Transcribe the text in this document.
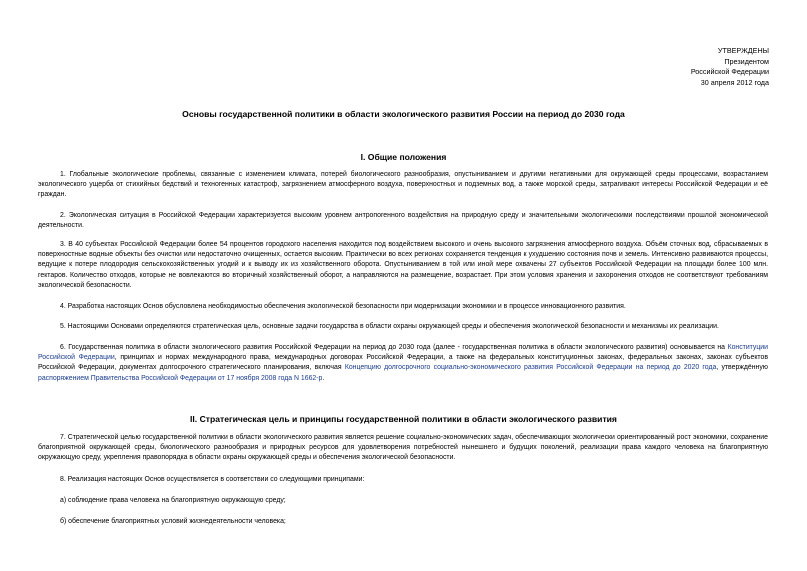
УТВЕРЖДЕНЫ
Президентом
Российской Федерации
30 апреля 2012 года
Основы государственной политики в области экологического развития России на период до 2030 года
I. Общие положения
1. Глобальные экологические проблемы, связанные с изменением климата, потерей биологического разнообразия, опустыниванием и другими негативными для окружающей среды процессами, возрастанием экологического ущерба от стихийных бедствий и техногенных катастроф, загрязнением атмосферного воздуха, поверхностных и подземных вод, а также морской среды, затрагивают интересы Российской Федерации и её граждан.
2. Экологическая ситуация в Российской Федерации характеризуется высоким уровнем антропогенного воздействия на природную среду и значительными экологическими последствиями прошлой экономической деятельности.
3. В 40 субъектах Российской Федерации более 54 процентов городского населения находится под воздействием высокого и очень высокого загрязнения атмосферного воздуха. Объём сточных вод, сбрасываемых в поверхностные водные объекты без очистки или недостаточно очищенных, остается высоким. Практически во всех регионах сохраняется тенденция к ухудшению состояния почв и земель. Интенсивно развиваются процессы, ведущие к потере плодородия сельскохозяйственных угодий и к выводу их из хозяйственного оборота. Опустыниванием в той или иной мере охвачены 27 субъектов Российской Федерации на площади более 100 млн. гектаров. Количество отходов, которые не вовлекаются во вторичный хозяйственный оборот, а направляются на размещение, возрастает. При этом условия хранения и захоронения отходов не соответствуют требованиям экологической безопасности.
4. Разработка настоящих Основ обусловлена необходимостью обеспечения экологической безопасности при модернизации экономики и в процессе инновационного развития.
5. Настоящими Основами определяются стратегическая цель, основные задачи государства в области охраны окружающей среды и обеспечения экологической безопасности и механизмы их реализации.
6. Государственная политика в области экологического развития Российской Федерации на период до 2030 года (далее - государственная политика в области экологического развития) основывается на Конституции Российской Федерации, принципах и нормах международного права, международных договорах Российской Федерации, а также на федеральных конституционных законах, федеральных законах, законах субъектов Российской Федерации, документах долгосрочного стратегического планирования, включая Концепцию долгосрочного социально-экономического развития Российской Федерации на период до 2020 года, утверждённую распоряжением Правительства Российской Федерации от 17 ноября 2008 года N 1662-р.
II. Стратегическая цель и принципы государственной политики в области экологического развития
7. Стратегической целью государственной политики в области экологического развития является решение социально-экономических задач, обеспечивающих экологически ориентированный рост экономики, сохранение благоприятной окружающей среды, биологического разнообразия и природных ресурсов для удовлетворения потребностей нынешнего и будущих поколений, реализации права каждого человека на благоприятную окружающую среду, укрепления правопорядка в области охраны окружающей среды и обеспечения экологической безопасности.
8. Реализация настоящих Основ осуществляется в соответствии со следующими принципами:
а) соблюдение права человека на благоприятную окружающую среду;
б) обеспечение благоприятных условий жизнедеятельности человека;
